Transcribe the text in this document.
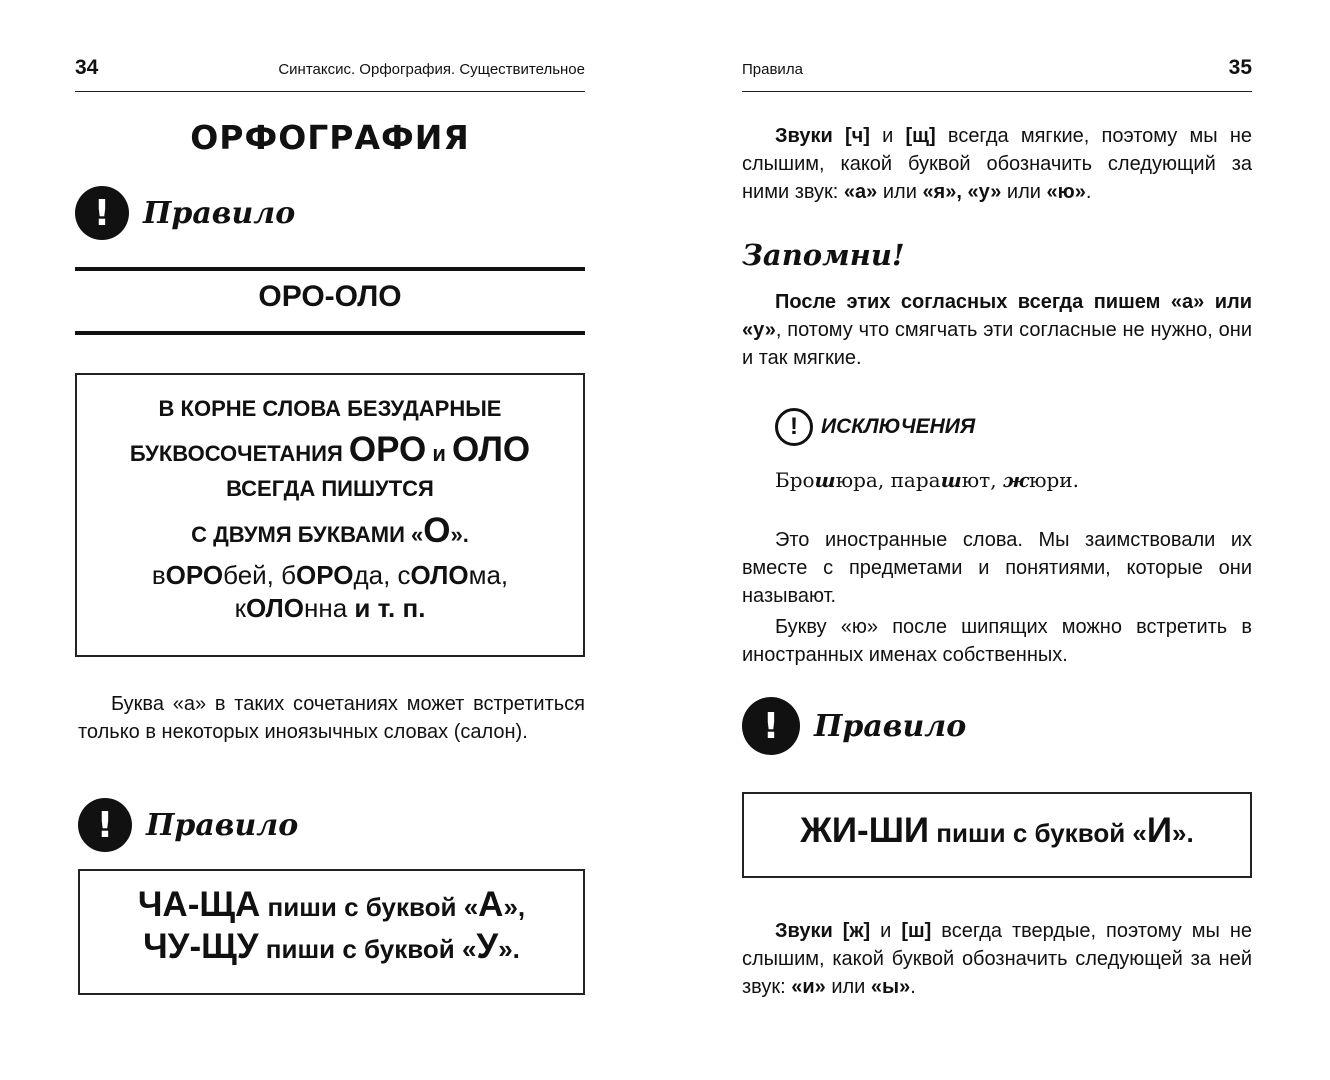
34	Синтаксис. Орфография. Существительное
ОРФОГРАФИЯ
!	Правило
ОРО-ОЛО
В КОРНЕ СЛОВА БЕЗУДАРНЫЕ
БУКВОСОЧЕТАНИЯ ОРО и ОЛО
ВСЕГДА ПИШУТСЯ
С ДВУМЯ БУКВАМИ «О».
вОРОбей, бОРОда, сОЛОма,
кОЛОнна и т. п.

Буква «а» в таких сочетаниях может встретиться только в некоторых иноязычных словах (салон).

!	Правило
ЧА-ЩА пиши с буквой «А»,
ЧУ-ЩУ пиши с буквой «У».
Правила	35

Звуки [ч] и [щ] всегда мягкие, поэтому мы не слышим, какой буквой обозначить следующий за ними звук: «а» или «я», «у» или «ю».

Запомни!

После этих согласных всегда пишем «а» или «у», потому что смягчать эти согласные не нужно, они и так мягкие.

!	ИСКЛЮЧЕНИЯ
Брошюра, парашют, жюри.

Это иностранные слова. Мы заимствовали их вместе с предметами и понятиями, которые они называют.

Букву «ю» после шипящих можно встретить в иностранных именах собственных.

!	Правило
ЖИ-ШИ пиши с буквой «И».

Звуки [ж] и [ш] всегда твердые, поэтому мы не слышим, какой буквой обозначить следующей за ней звук: «и» или «ы».
